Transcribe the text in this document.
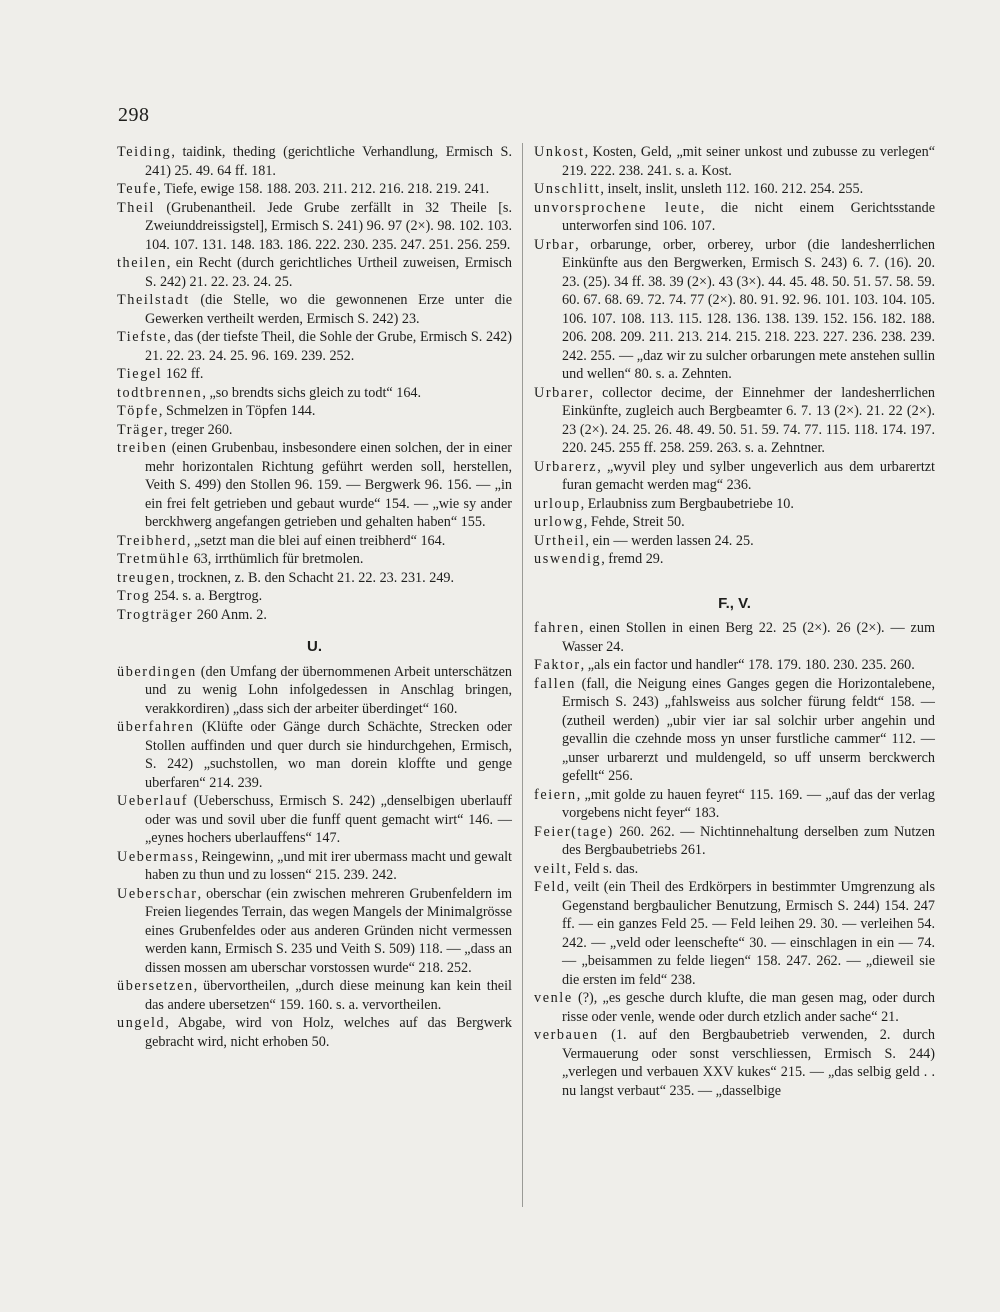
298

Teiding, taidink, theding (gerichtliche Verhandlung, Ermisch S. 241) 25. 49. 64 ff. 181.

Teufe, Tiefe, ewige 158. 188. 203. 211. 212. 216. 218. 219. 241.

Theil (Grubenantheil. Jede Grube zerfällt in 32 Theile [s. Zweiunddreissigstel], Ermisch S. 241) 96. 97 (2×). 98. 102. 103. 104. 107. 131. 148. 183. 186. 222. 230. 235. 247. 251. 256. 259.

theilen, ein Recht (durch gerichtliches Urtheil zuweisen, Ermisch S. 242) 21. 22. 23. 24. 25.

Theilstadt (die Stelle, wo die gewonnenen Erze unter die Gewerken vertheilt werden, Ermisch S. 242) 23.

Tiefste, das (der tiefste Theil, die Sohle der Grube, Ermisch S. 242) 21. 22. 23. 24. 25. 96. 169. 239. 252.

Tiegel 162 ff.

todtbrennen, „so brendts sichs gleich zu todt“ 164.

Töpfe, Schmelzen in Töpfen 144.

Träger, treger 260.

treiben (einen Grubenbau, insbesondere einen solchen, der in einer mehr horizontalen Richtung geführt werden soll, herstellen, Veith S. 499) den Stollen 96. 159. — Bergwerk 96. 156. — „in ein frei felt getrieben und gebaut wurde“ 154. — „wie sy ander berckhwerg angefangen getrieben und gehalten haben“ 155.

Treibherd, „setzt man die blei auf einen treibherd“ 164.

Tretmühle 63, irrthümlich für bretmolen.

treugen, trocknen, z. B. den Schacht 21. 22. 23. 231. 249.

Trog 254. s. a. Bergtrog.

Trogträger 260 Anm. 2.

U.

überdingen (den Umfang der übernommenen Arbeit unterschätzen und zu wenig Lohn infolgedessen in Anschlag bringen, verakkordiren) „dass sich der arbeiter überdinget“ 160.

überfahren (Klüfte oder Gänge durch Schächte, Strecken oder Stollen auffinden und quer durch sie hindurchgehen, Ermisch, S. 242) „suchstollen, wo man dorein kloffte und genge uberfaren“ 214. 239.

Ueberlauf (Ueberschuss, Ermisch S. 242) „denselbigen uberlauff oder was und sovil uber die funff quent gemacht wirt“ 146. — „eynes hochers uberlauffens“ 147.

Uebermass, Reingewinn, „und mit irer ubermass macht und gewalt haben zu thun und zu lossen“ 215. 239. 242.

Ueberschar, oberschar (ein zwischen mehreren Grubenfeldern im Freien liegendes Terrain, das wegen Mangels der Minimalgrösse eines Grubenfeldes oder aus anderen Gründen nicht vermessen werden kann, Ermisch S. 235 und Veith S. 509) 118. — „dass an dissen mossen am uberschar vorstossen wurde“ 218. 252.

übersetzen, übervortheilen, „durch diese meinung kan kein theil das andere ubersetzen“ 159. 160. s. a. vervortheilen.

ungeld, Abgabe, wird von Holz, welches auf das Bergwerk gebracht wird, nicht erhoben 50.

Unkost, Kosten, Geld, „mit seiner unkost und zubusse zu verlegen“ 219. 222. 238. 241. s. a. Kost.

Unschlitt, inselt, inslit, unsleth 112. 160. 212. 254. 255.

unvorsprochene leute, die nicht einem Gerichtsstande unterworfen sind 106. 107.

Urbar, orbarunge, orber, orberey, urbor (die landesherrlichen Einkünfte aus den Bergwerken, Ermisch S. 243) 6. 7. (16). 20. 23. (25). 34 ff. 38. 39 (2×). 43 (3×). 44. 45. 48. 50. 51. 57. 58. 59. 60. 67. 68. 69. 72. 74. 77 (2×). 80. 91. 92. 96. 101. 103. 104. 105. 106. 107. 108. 113. 115. 128. 136. 138. 139. 152. 156. 182. 188. 206. 208. 209. 211. 213. 214. 215. 218. 223. 227. 236. 238. 239. 242. 255. — „daz wir zu sulcher orbarungen mete anstehen sullin und wellen“ 80. s. a. Zehnten.

Urbarer, collector decime, der Einnehmer der landesherrlichen Einkünfte, zugleich auch Bergbeamter 6. 7. 13 (2×). 21. 22 (2×). 23 (2×). 24. 25. 26. 48. 49. 50. 51. 59. 74. 77. 115. 118. 174. 197. 220. 245. 255 ff. 258. 259. 263. s. a. Zehntner.

Urbarerz, „wyvil pley und sylber ungeverlich aus dem urbarertzt furan gemacht werden mag“ 236.

urloup, Erlaubniss zum Bergbaubetriebe 10.

urlowg, Fehde, Streit 50.

Urtheil, ein — werden lassen 24. 25.

uswendig, fremd 29.

F., V.

fahren, einen Stollen in einen Berg 22. 25 (2×). 26 (2×). — zum Wasser 24.

Faktor, „als ein factor und handler“ 178. 179. 180. 230. 235. 260.

fallen (fall, die Neigung eines Ganges gegen die Horizontalebene, Ermisch S. 243) „fahlsweiss aus solcher fürung feldt“ 158. — (zutheil werden) „ubir vier iar sal solchir urber angehin und gevallin die czehnde moss yn unser furstliche cammer“ 112. — „unser urbarerzt und muldengeld, so uff unserm berckwerch gefellt“ 256.

feiern, „mit golde zu hauen feyret“ 115. 169. — „auf das der verlag vorgebens nicht feyer“ 183.

Feier(tage) 260. 262. — Nichtinnehaltung derselben zum Nutzen des Bergbaubetriebs 261.

veilt, Feld s. das.

Feld, veilt (ein Theil des Erdkörpers in bestimmter Umgrenzung als Gegenstand bergbaulicher Benutzung, Ermisch S. 244) 154. 247 ff. — ein ganzes Feld 25. — Feld leihen 29. 30. — verleihen 54. 242. — „veld oder leenschefte“ 30. — einschlagen in ein — 74. — „beisammen zu felde liegen“ 158. 247. 262. — „dieweil sie die ersten im feld“ 238.

venle (?), „es gesche durch klufte, die man gesen mag, oder durch risse oder venle, wende oder durch etzlich ander sache“ 21.

verbauen (1. auf den Bergbaubetrieb verwenden, 2. durch Vermauerung oder sonst verschliessen, Ermisch S. 244) „verlegen und verbauen XXV kukes“ 215. — „das selbig geld . . nu langst verbaut“ 235. — „dasselbige
